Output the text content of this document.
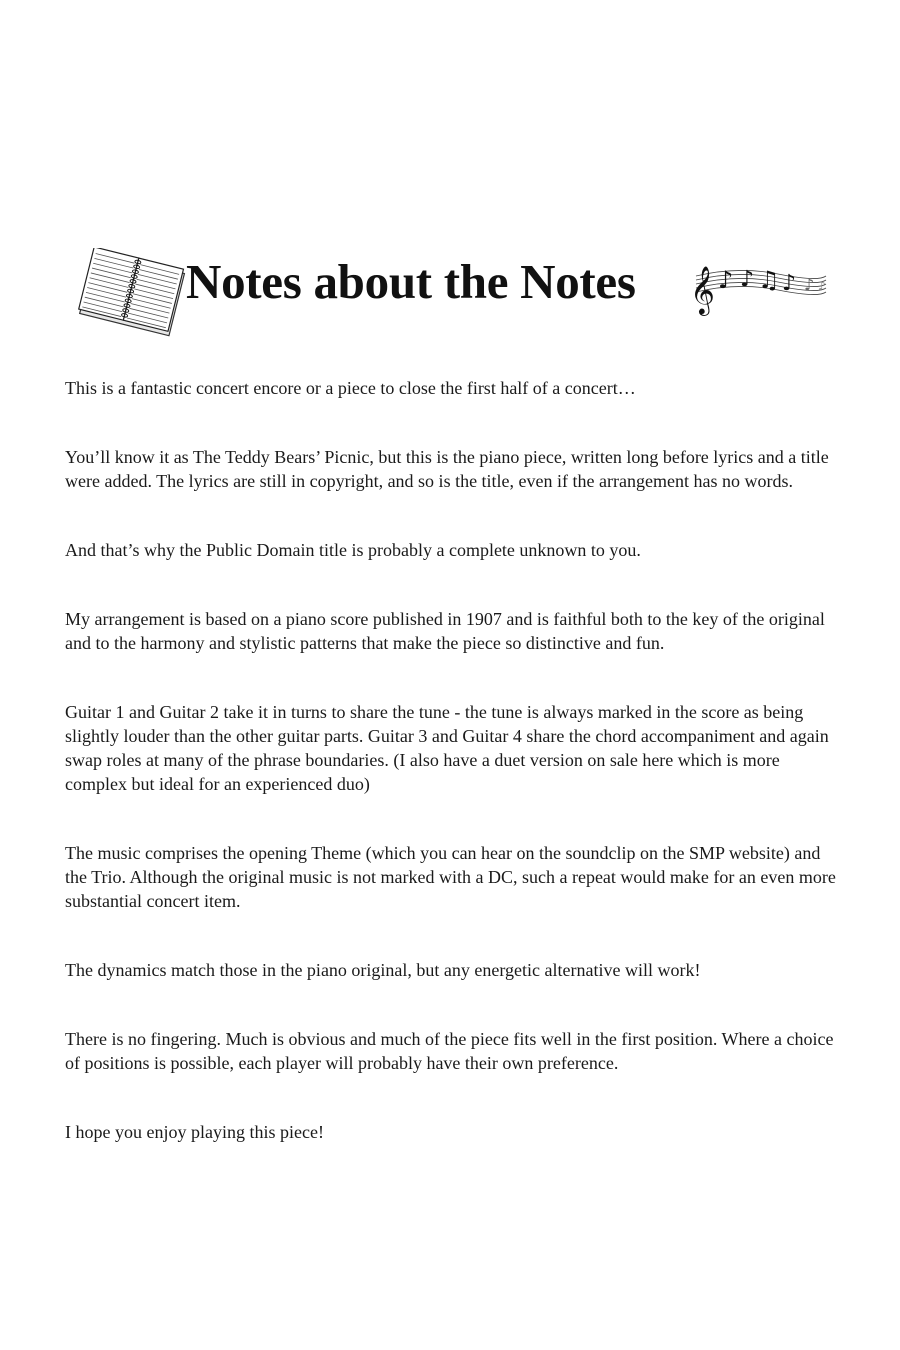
Notes about the Notes 𝄞 ♪ ♪ ♫ ♪ ♪ ♪

This is a fantastic concert encore or a piece to close the first half of a concert…

You’ll know it as The Teddy Bears’ Picnic, but this is the piano piece, written long before lyrics and a title were added. The lyrics are still in copyright, and so is the title, even if the arrangement has no words.

And that’s why the Public Domain title is probably a complete unknown to you.

My arrangement is based on a piano score published in 1907 and is faithful both to the key of the original and to the harmony and stylistic patterns that make the piece so distinctive and fun.

Guitar 1 and Guitar 2 take it in turns to share the tune - the tune is always marked in the score as being slightly louder than the other guitar parts. Guitar 3 and Guitar 4 share the chord accompaniment and again swap roles at many of the phrase boundaries. (I also have a duet version on sale here which is more complex but ideal for an experienced duo)

The music comprises the opening Theme (which you can hear on the soundclip on the SMP website) and the Trio. Although the original music is not marked with a DC, such a repeat would make for an even more substantial concert item.

The dynamics match those in the piano original, but any energetic alternative will work!

There is no fingering. Much is obvious and much of the piece fits well in the first position. Where a choice of positions is possible, each player will probably have their own preference.

I hope you enjoy playing this piece!
